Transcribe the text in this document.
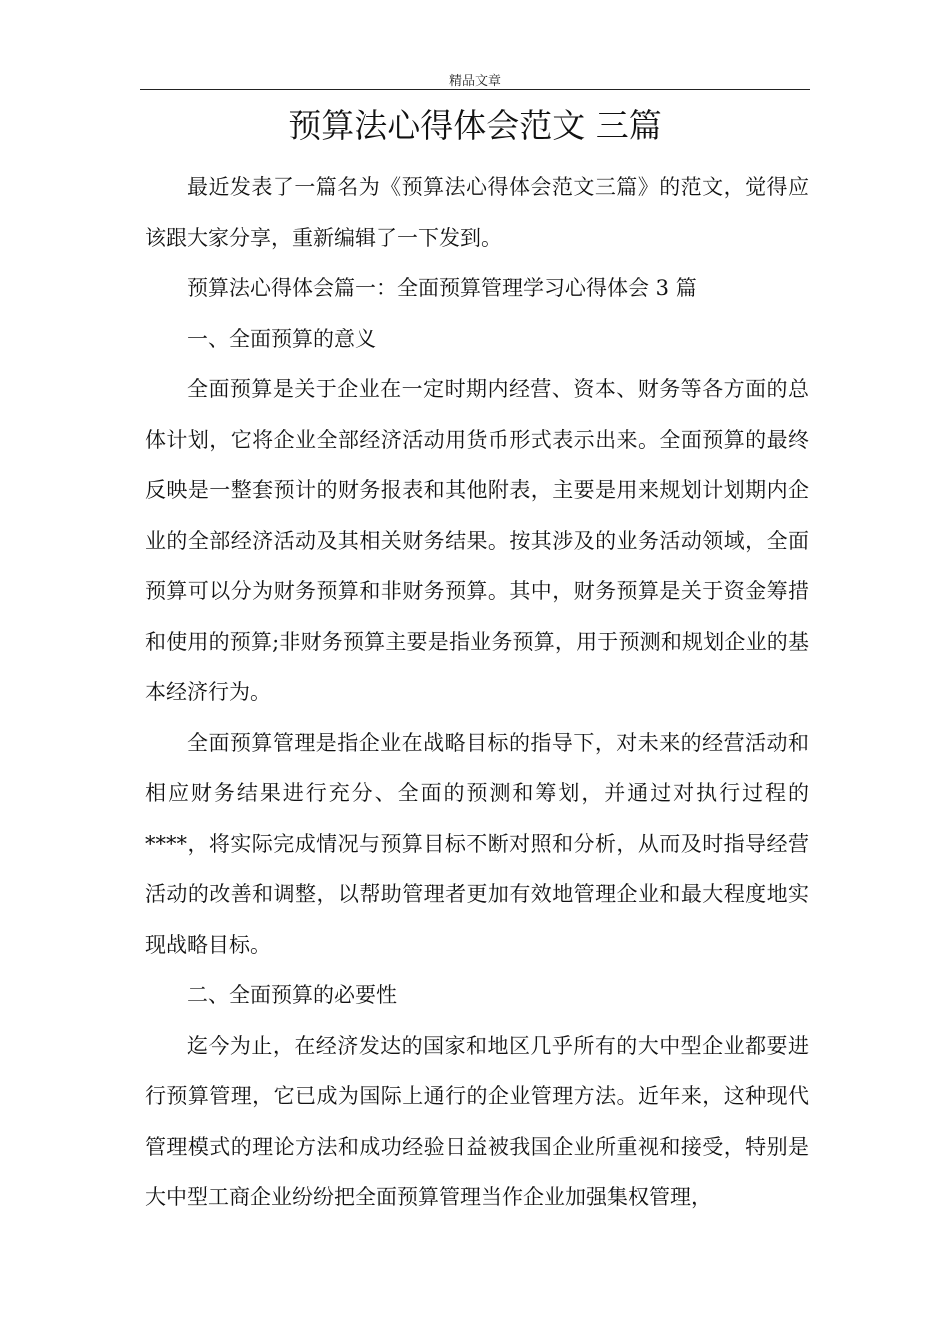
精品文章
预算法心得体会范文 三篇

最近发表了一篇名为《预算法心得体会范文三篇》的范文，觉得应该跟大家分享，重新编辑了一下发到。

预算法心得体会篇一：全面预算管理学习心得体会 3 篇

一、全面预算的意义

全面预算是关于企业在一定时期内经营、资本、财务等各方面的总体计划，它将企业全部经济活动用货币形式表示出来。全面预算的最终反映是一整套预计的财务报表和其他附表，主要是用来规划计划期内企业的全部经济活动及其相关财务结果。按其涉及的业务活动领域，全面预算可以分为财务预算和非财务预算。其中，财务预算是关于资金筹措和使用的预算;非财务预算主要是指业务预算，用于预测和规划企业的基本经济行为。

全面预算管理是指企业在战略目标的指导下，对未来的经营活动和相应财务结果进行充分、全面的预测和筹划，并通过对执行过程的****，将实际完成情况与预算目标不断对照和分析，从而及时指导经营活动的改善和调整，以帮助管理者更加有效地管理企业和最大程度地实现战略目标。

二、全面预算的必要性

迄今为止，在经济发达的国家和地区几乎所有的大中型企业都要进行预算管理，它已成为国际上通行的企业管理方法。近年来，这种现代管理模式的理论方法和成功经验日益被我国企业所重视和接受，特别是大中型工商企业纷纷把全面预算管理当作企业加强集权管理，
